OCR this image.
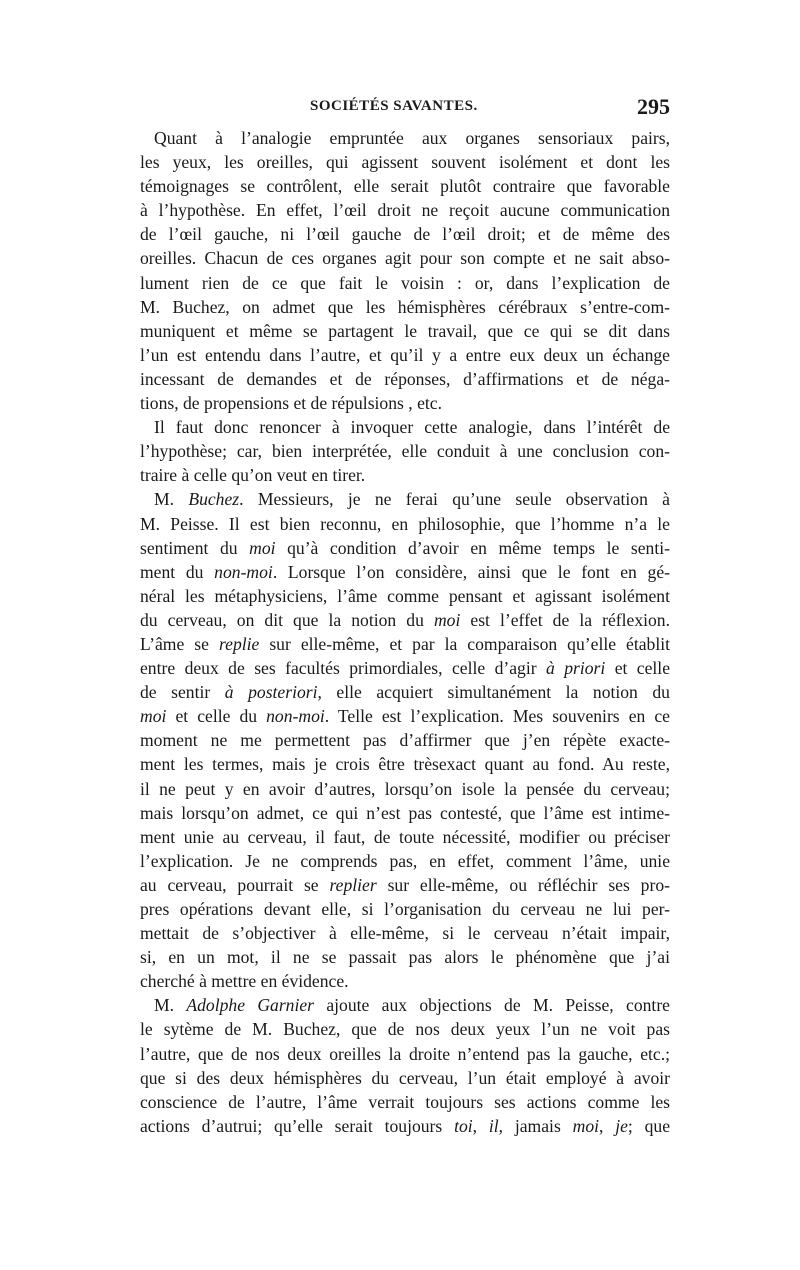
SOCIÉTÉS SAVANTES.	295
Quant à l’analogie empruntée aux organes sensoriaux pairs,
les yeux, les oreilles, qui agissent souvent isolément et dont les
témoignages se contrôlent, elle serait plutôt contraire que favorable
à l’hypothèse. En effet, l’œil droit ne reçoit aucune communication
de l’œil gauche, ni l’œil gauche de l’œil droit; et de même des
oreilles. Chacun de ces organes agit pour son compte et ne sait abso-
lument rien de ce que fait le voisin : or, dans l’explication de
M. Buchez, on admet que les hémisphères cérébraux s’entre-com-
muniquent et même se partagent le travail, que ce qui se dit dans
l’un est entendu dans l’autre, et qu’il y a entre eux deux un échange
incessant de demandes et de réponses, d’affirmations et de néga-
tions, de propensions et de répulsions , etc.
Il faut donc renoncer à invoquer cette analogie, dans l’intérêt de
l’hypothèse; car, bien interprétée, elle conduit à une conclusion con-
traire à celle qu’on veut en tirer.
M. Buchez. Messieurs, je ne ferai qu’une seule observation à
M. Peisse. Il est bien reconnu, en philosophie, que l’homme n’a le
sentiment du moi qu’à condition d’avoir en même temps le senti-
ment du non-moi. Lorsque l’on considère, ainsi que le font en gé-
néral les métaphysiciens, l’âme comme pensant et agissant isolément
du cerveau, on dit que la notion du moi est l’effet de la réflexion.
L’âme se replie sur elle-même, et par la comparaison qu’elle établit
entre deux de ses facultés primordiales, celle d’agir à priori et celle
de sentir à posteriori, elle acquiert simultanément la notion du
moi et celle du non-moi. Telle est l’explication. Mes souvenirs en ce
moment ne me permettent pas d’affirmer que j’en répète exacte-
ment les termes, mais je crois être trèsexact quant au fond. Au reste,
il ne peut y en avoir d’autres, lorsqu’on isole la pensée du cerveau;
mais lorsqu’on admet, ce qui n’est pas contesté, que l’âme est intime-
ment unie au cerveau, il faut, de toute nécessité, modifier ou préciser
l’explication. Je ne comprends pas, en effet, comment l’âme, unie
au cerveau, pourrait se replier sur elle-même, ou réfléchir ses pro-
pres opérations devant elle, si l’organisation du cerveau ne lui per-
mettait de s’objectiver à elle-même, si le cerveau n’était impair,
si, en un mot, il ne se passait pas alors le phénomène que j’ai
cherché à mettre en évidence.
M. Adolphe Garnier ajoute aux objections de M. Peisse, contre
le sytème de M. Buchez, que de nos deux yeux l’un ne voit pas
l’autre, que de nos deux oreilles la droite n’entend pas la gauche, etc.;
que si des deux hémisphères du cerveau, l’un était employé à avoir
conscience de l’autre, l’âme verrait toujours ses actions comme les
actions d’autrui; qu’elle serait toujours toi, il, jamais moi, je; que
